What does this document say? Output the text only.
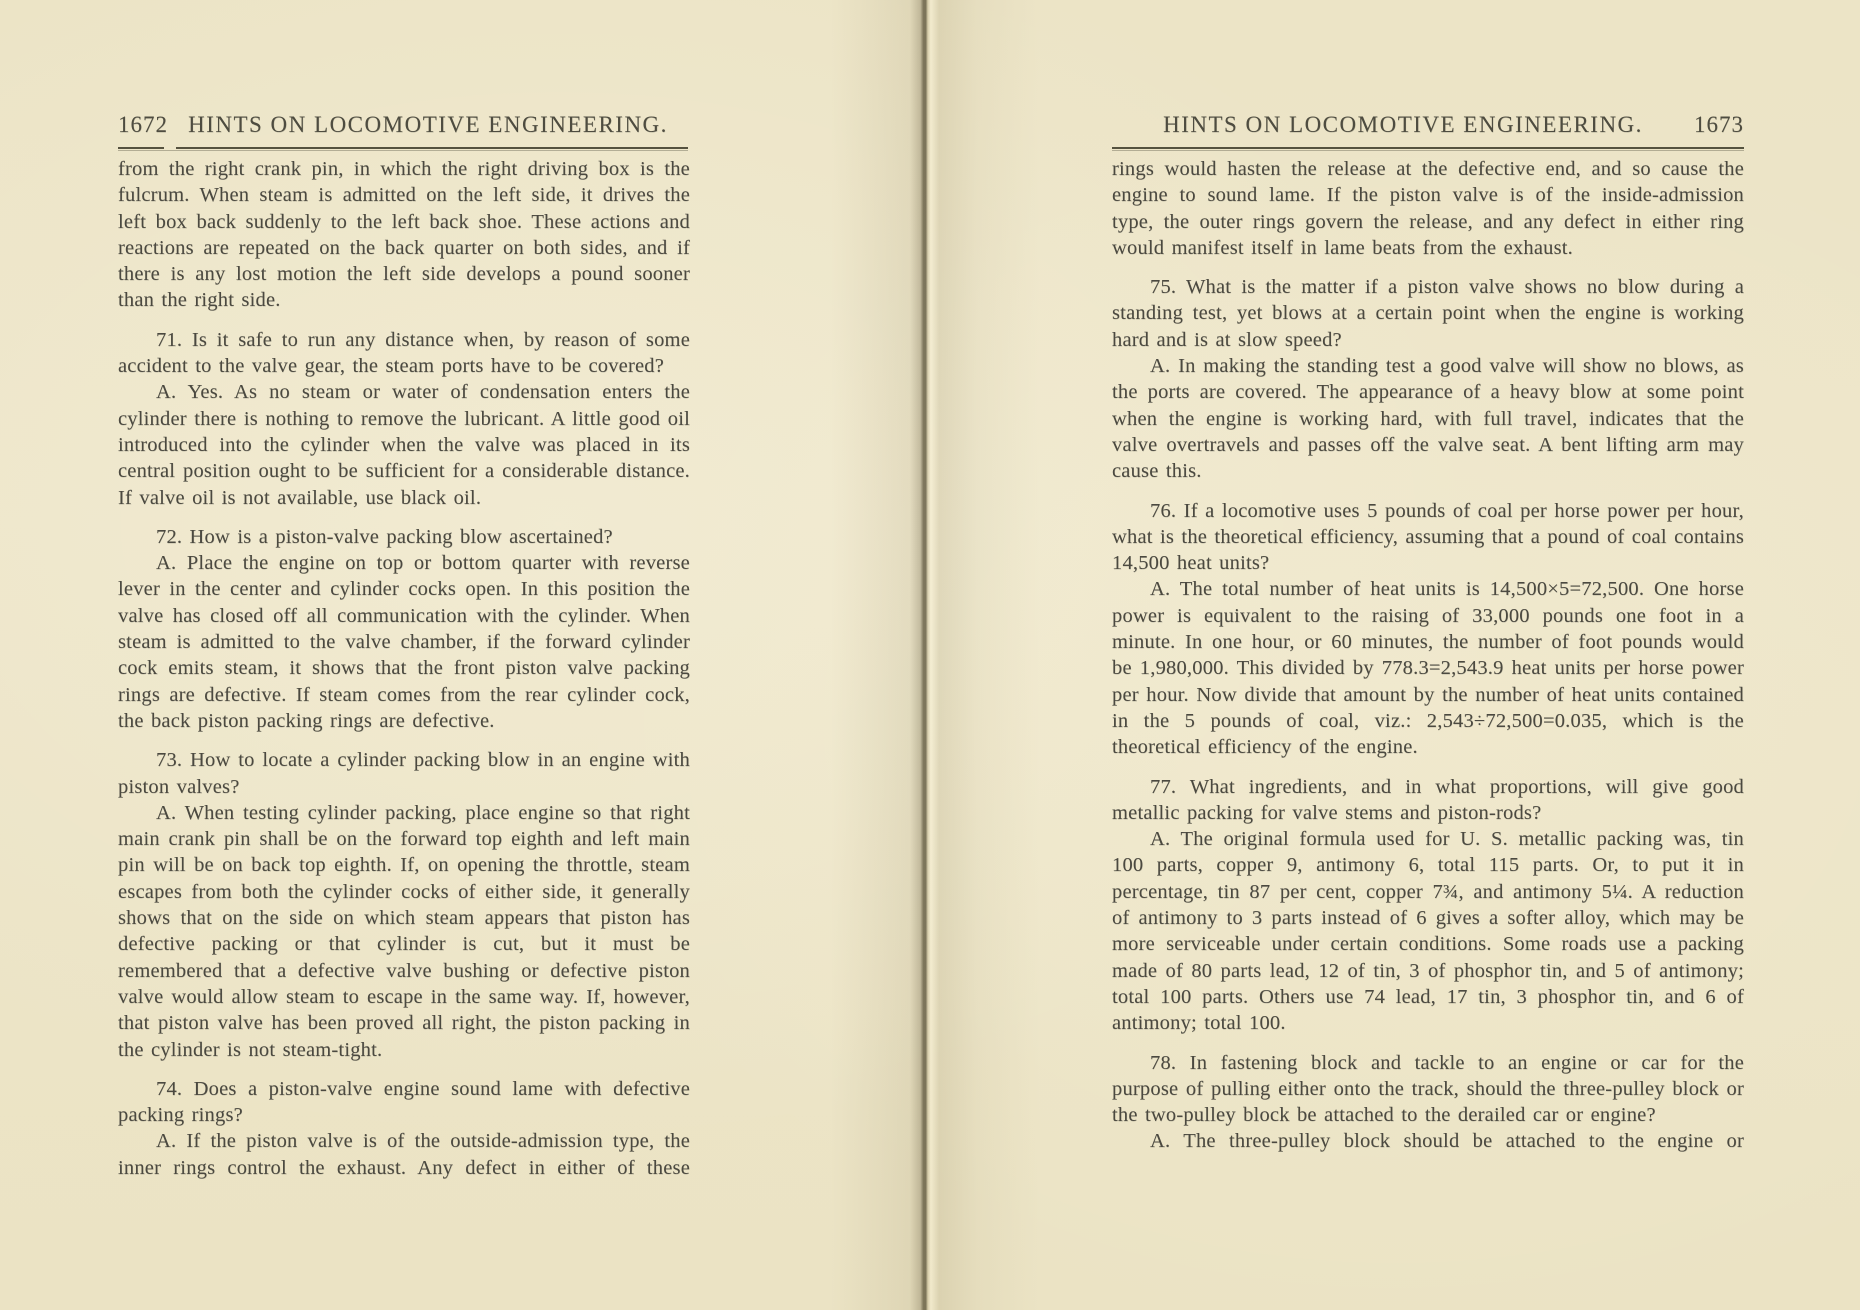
1672 HINTS ON LOCOMOTIVE ENGINEERING.

from the right crank pin, in which the right driving box is the fulcrum. When steam is admitted on the left side, it drives the left box back suddenly to the left back shoe. These actions and reactions are repeated on the back quarter on both sides, and if there is any lost motion the left side develops a pound sooner than the right side.

71. Is it safe to run any distance when, by reason of some accident to the valve gear, the steam ports have to be covered?

A. Yes. As no steam or water of condensation enters the cylinder there is nothing to remove the lubricant. A little good oil introduced into the cylinder when the valve was placed in its central position ought to be sufficient for a considerable distance. If valve oil is not available, use black oil.

72. How is a piston-valve packing blow ascertained?

A. Place the engine on top or bottom quarter with reverse lever in the center and cylinder cocks open. In this position the valve has closed off all communication with the cylinder. When steam is admitted to the valve chamber, if the forward cylinder cock emits steam, it shows that the front piston valve packing rings are defective. If steam comes from the rear cylinder cock, the back piston packing rings are defective.

73. How to locate a cylinder packing blow in an engine with piston valves?

A. When testing cylinder packing, place engine so that right main crank pin shall be on the forward top eighth and left main pin will be on back top eighth. If, on opening the throttle, steam escapes from both the cylinder cocks of either side, it generally shows that on the side on which steam appears that piston has defective packing or that cylinder is cut, but it must be remembered that a defective valve bushing or defective piston valve would allow steam to escape in the same way. If, however, that piston valve has been proved all right, the piston packing in the cylinder is not steam-tight.

74. Does a piston-valve engine sound lame with defective packing rings?

A. If the piston valve is of the outside-admission type, the inner rings control the exhaust. Any defect in either of these

HINTS ON LOCOMOTIVE ENGINEERING.	1673

rings would hasten the release at the defective end, and so cause the engine to sound lame. If the piston valve is of the inside-admission type, the outer rings govern the release, and any defect in either ring would manifest itself in lame beats from the exhaust.

75. What is the matter if a piston valve shows no blow during a standing test, yet blows at a certain point when the engine is working hard and is at slow speed?

A. In making the standing test a good valve will show no blows, as the ports are covered. The appearance of a heavy blow at some point when the engine is working hard, with full travel, indicates that the valve overtravels and passes off the valve seat. A bent lifting arm may cause this.

76. If a locomotive uses 5 pounds of coal per horse power per hour, what is the theoretical efficiency, assuming that a pound of coal contains 14,500 heat units?

A. The total number of heat units is 14,500×5=72,500. One horse power is equivalent to the raising of 33,000 pounds one foot in a minute. In one hour, or 60 minutes, the number of foot pounds would be 1,980,000. This divided by 778.3=2,543.9 heat units per horse power per hour. Now divide that amount by the number of heat units contained in the 5 pounds of coal, viz.: 2,543÷72,500=0.035, which is the theoretical efficiency of the engine.

77. What ingredients, and in what proportions, will give good metallic packing for valve stems and piston-rods?

A. The original formula used for U. S. metallic packing was, tin 100 parts, copper 9, antimony 6, total 115 parts. Or, to put it in percentage, tin 87 per cent, copper 7¾, and antimony 5¼. A reduction of antimony to 3 parts instead of 6 gives a softer alloy, which may be more serviceable under certain conditions. Some roads use a packing made of 80 parts lead, 12 of tin, 3 of phosphor tin, and 5 of antimony; total 100 parts. Others use 74 lead, 17 tin, 3 phosphor tin, and 6 of antimony; total 100.

78. In fastening block and tackle to an engine or car for the purpose of pulling either onto the track, should the three-pulley block or the two-pulley block be attached to the derailed car or engine?

A. The three-pulley block should be attached to the engine or
